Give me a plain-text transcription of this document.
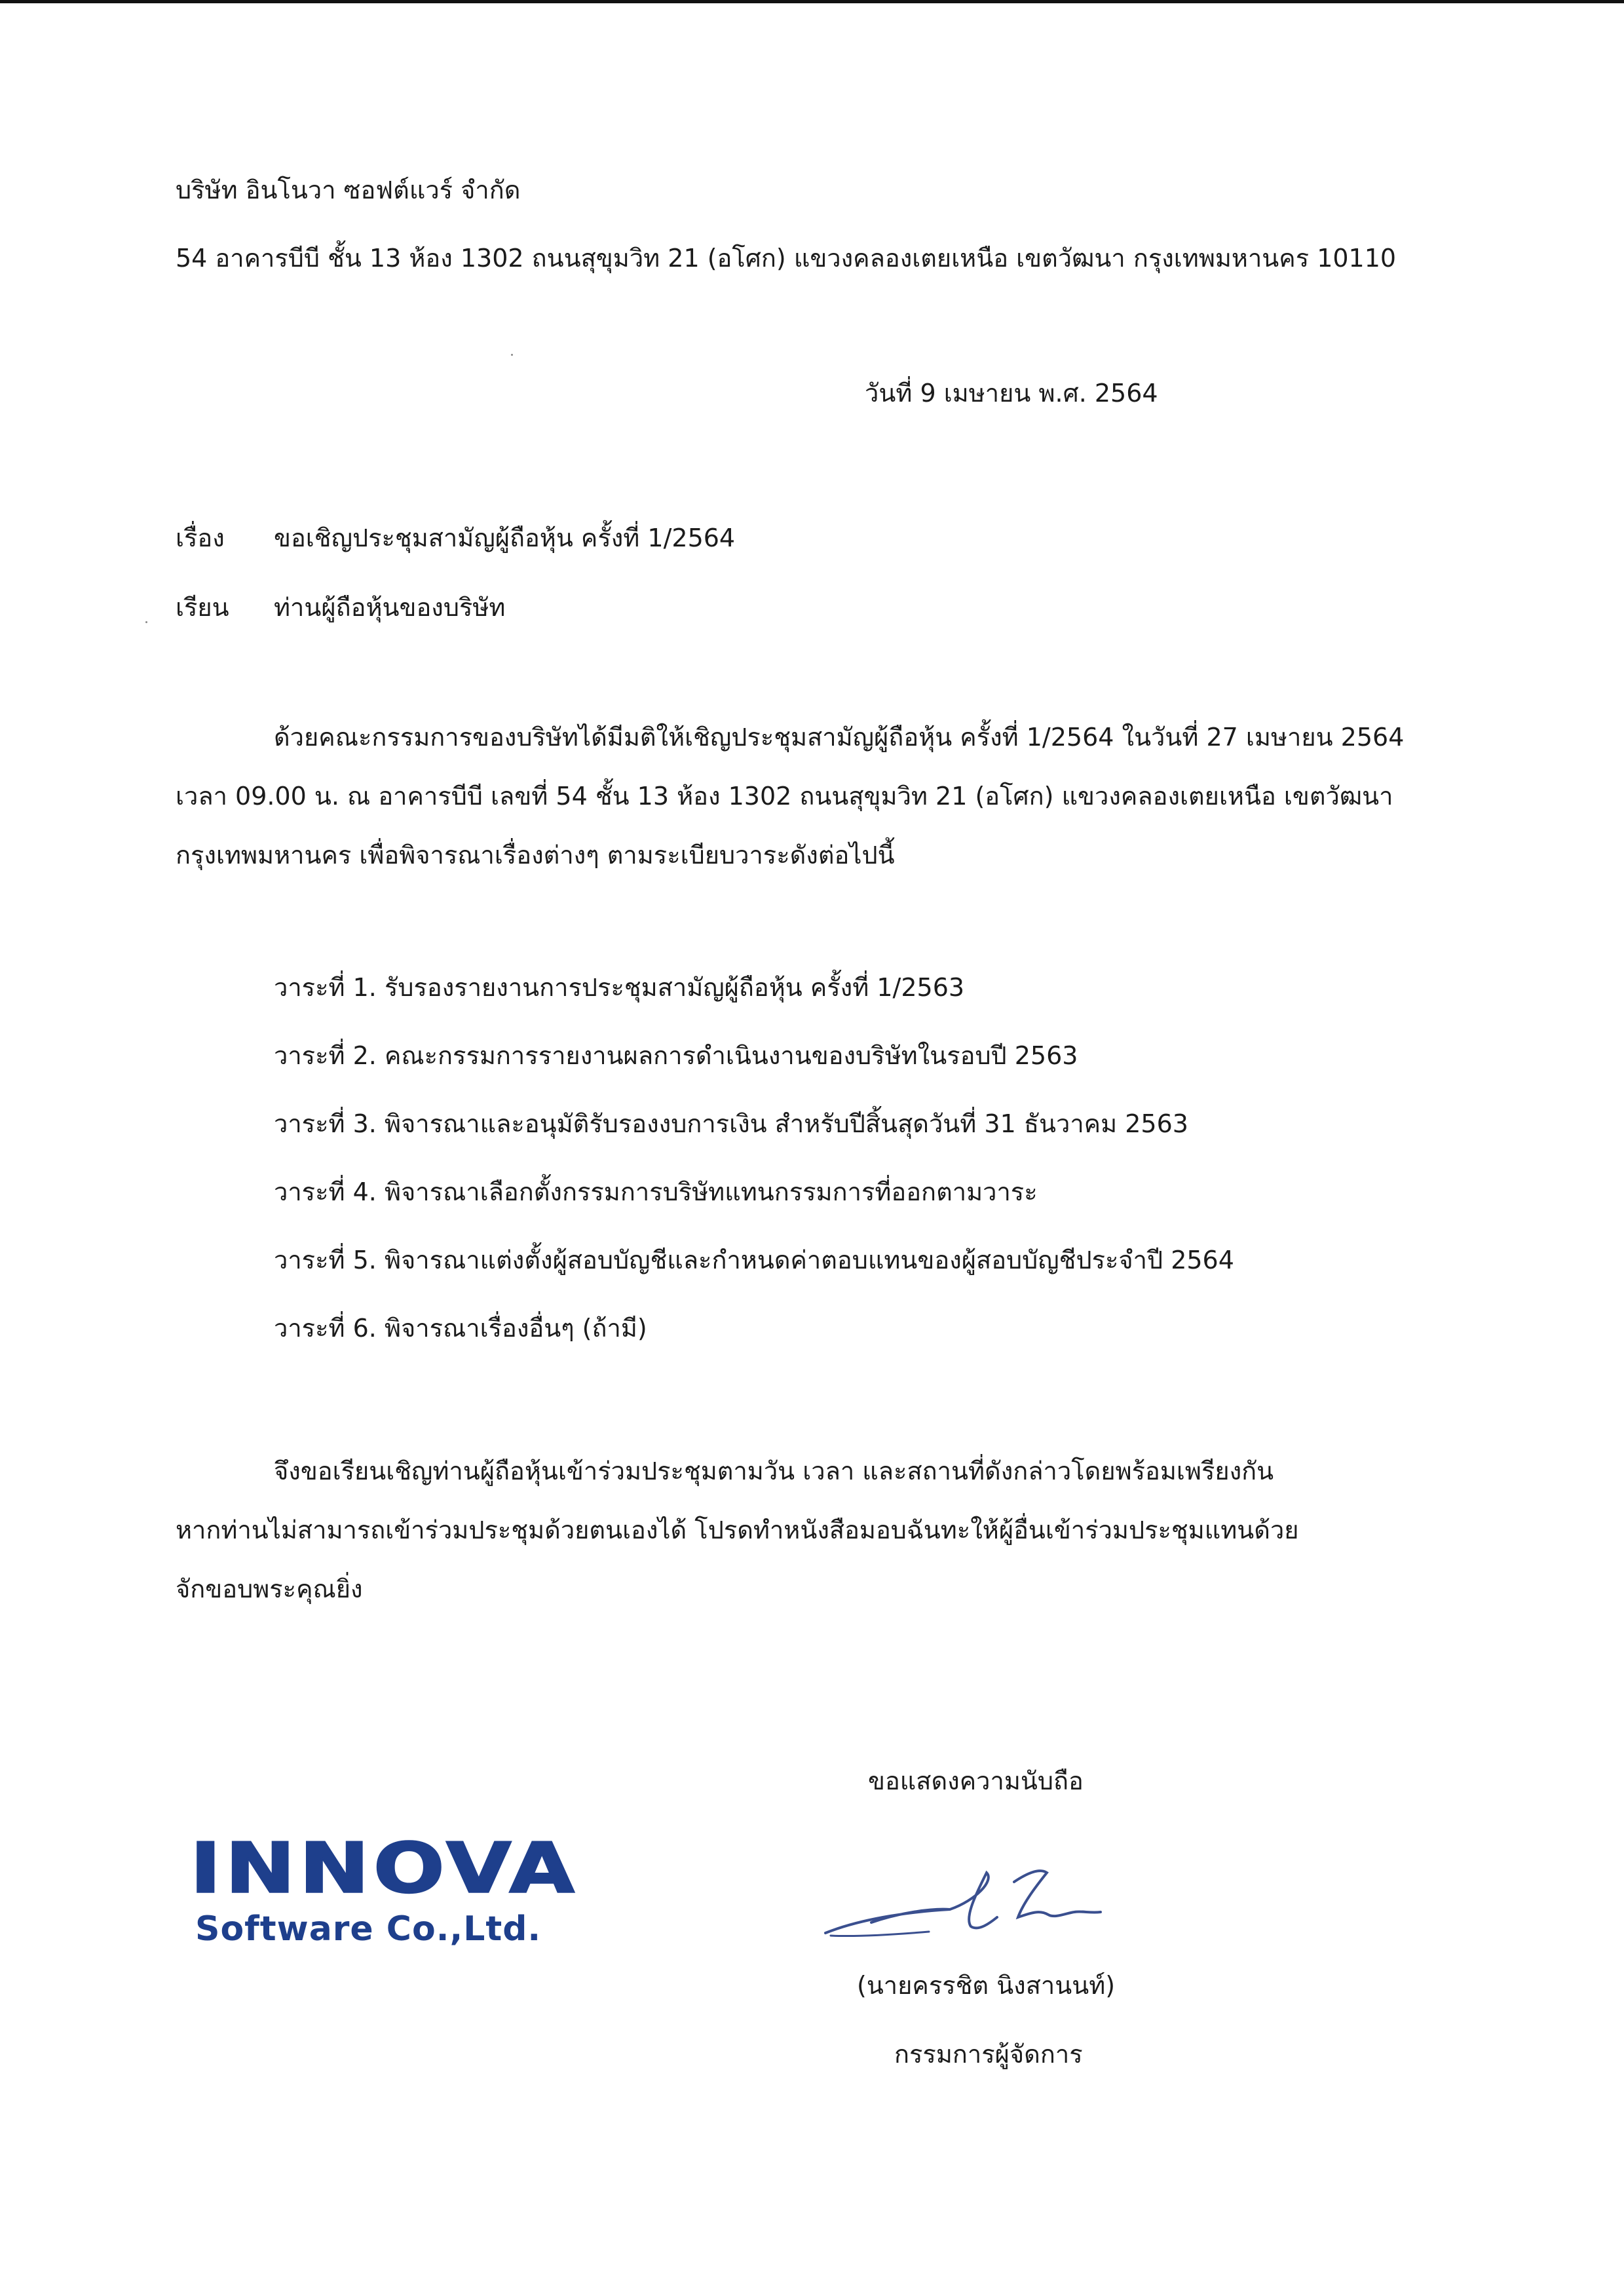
บริษัท อินโนวา ซอฟต์แวร์ จำกัด
54 อาคารบีบี ชั้น 13 ห้อง 1302 ถนนสุขุมวิท 21 (อโศก) แขวงคลองเตยเหนือ เขตวัฒนา กรุงเทพมหานคร 10110
วันที่ 9 เมษายน พ.ศ. 2564
เรื่อง ขอเชิญประชุมสามัญผู้ถือหุ้น ครั้งที่ 1/2564
เรียน ท่านผู้ถือหุ้นของบริษัท
ด้วยคณะกรรมการของบริษัทได้มีมติให้เชิญประชุมสามัญผู้ถือหุ้น ครั้งที่ 1/2564 ในวันที่ 27 เมษายน 2564
เวลา 09.00 น. ณ อาคารบีบี เลขที่ 54 ชั้น 13 ห้อง 1302 ถนนสุขุมวิท 21 (อโศก) แขวงคลองเตยเหนือ เขตวัฒนา
กรุงเทพมหานคร เพื่อพิจารณาเรื่องต่างๆ ตามระเบียบวาระดังต่อไปนี้
วาระที่ 1. รับรองรายงานการประชุมสามัญผู้ถือหุ้น ครั้งที่ 1/2563
วาระที่ 2. คณะกรรมการรายงานผลการดำเนินงานของบริษัทในรอบปี 2563
วาระที่ 3. พิจารณาและอนุมัติรับรองงบการเงิน สำหรับปีสิ้นสุดวันที่ 31 ธันวาคม 2563
วาระที่ 4. พิจารณาเลือกตั้งกรรมการบริษัทแทนกรรมการที่ออกตามวาระ
วาระที่ 5. พิจารณาแต่งตั้งผู้สอบบัญชีและกำหนดค่าตอบแทนของผู้สอบบัญชีประจำปี 2564
วาระที่ 6. พิจารณาเรื่องอื่นๆ (ถ้ามี)
จึงขอเรียนเชิญท่านผู้ถือหุ้นเข้าร่วมประชุมตามวัน เวลา และสถานที่ดังกล่าวโดยพร้อมเพรียงกัน
หากท่านไม่สามารถเข้าร่วมประชุมด้วยตนเองได้ โปรดทำหนังสือมอบฉันทะให้ผู้อื่นเข้าร่วมประชุมแทนด้วย
จักขอบพระคุณยิ่ง
ขอแสดงความนับถือ
INNOVA
Software Co.,Ltd.
(นายครรชิต นิงสานนท์)
กรรมการผู้จัดการ
